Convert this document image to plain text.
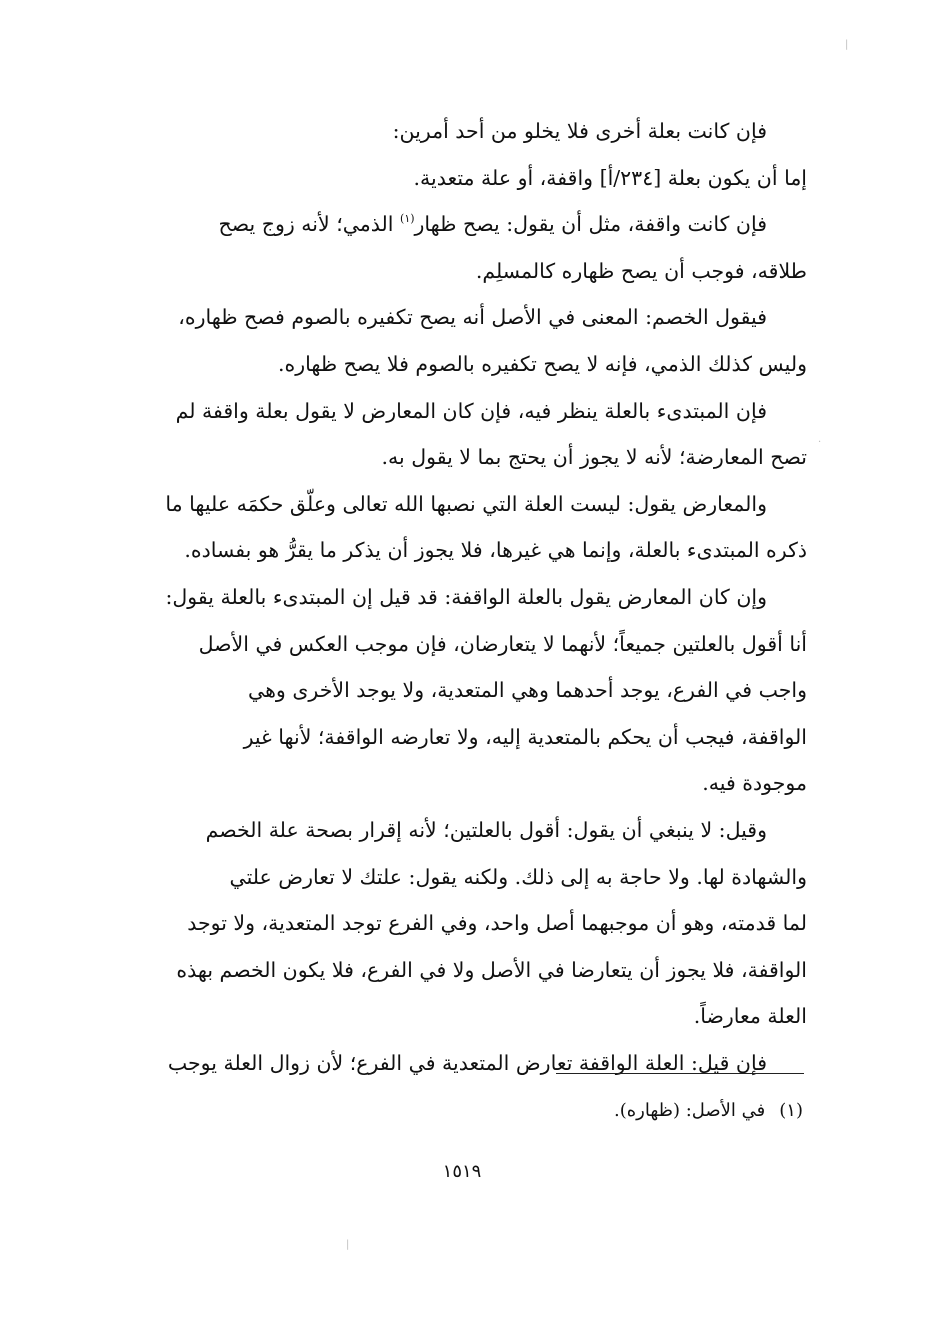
|
·
|
فإن كانت بعلة أخرى فلا يخلو من أحد أمرين:
إما أن يكون بعلة [٢٣٤/أ] واقفة، أو علة متعدية.
فإن كانت واقفة، مثل أن يقول: يصح ظهار$^{(١)}$ الذمي؛ لأنه زوج يصح
طلاقه، فوجب أن يصح ظهاره كالمسلِم.
فيقول الخصم: المعنى في الأصل أنه يصح تكفيره بالصوم فصح ظهاره،
وليس كذلك الذمي، فإنه لا يصح تكفيره بالصوم فلا يصح ظهاره.
فإن المبتدىء بالعلة ينظر فيه، فإن كان المعارض لا يقول بعلة واقفة لم
تصح المعارضة؛ لأنه لا يجوز أن يحتج بما لا يقول به.
والمعارض يقول: ليست العلة التي نصبها الله تعالى وعلّق حكمَه عليها ما
ذكره المبتدىء بالعلة، وإنما هي غيرها، فلا يجوز أن يذكر ما يقرُّ هو بفساده.
وإن كان المعارض يقول بالعلة الواقفة: قد قيل إن المبتدىء بالعلة يقول:
أنا أقول بالعلتين جميعاً؛ لأنهما لا يتعارضان، فإن موجب العكس في الأصل
واجب في الفرع، يوجد أحدهما وهي المتعدية، ولا يوجد الأخرى وهي
الواقفة، فيجب أن يحكم بالمتعدية إليه، ولا تعارضه الواقفة؛ لأنها غير
موجودة فيه.
وقيل: لا ينبغي أن يقول: أقول بالعلتين؛ لأنه إقرار بصحة علة الخصم
والشهادة لها. ولا حاجة به إلى ذلك. ولكنه يقول: علتك لا تعارض علتي
لما قدمته، وهو أن موجبهما أصل واحد، وفي الفرع توجد المتعدية، ولا توجد
الواقفة، فلا يجوز أن يتعارضا في الأصل ولا في الفرع، فلا يكون الخصم بهذه
العلة معارضاً.
فإن قيل: العلة الواقفة تعارض المتعدية في الفرع؛ لأن زوال العلة يوجب
(١)في الأصل: (ظهاره).
١٥١٩
